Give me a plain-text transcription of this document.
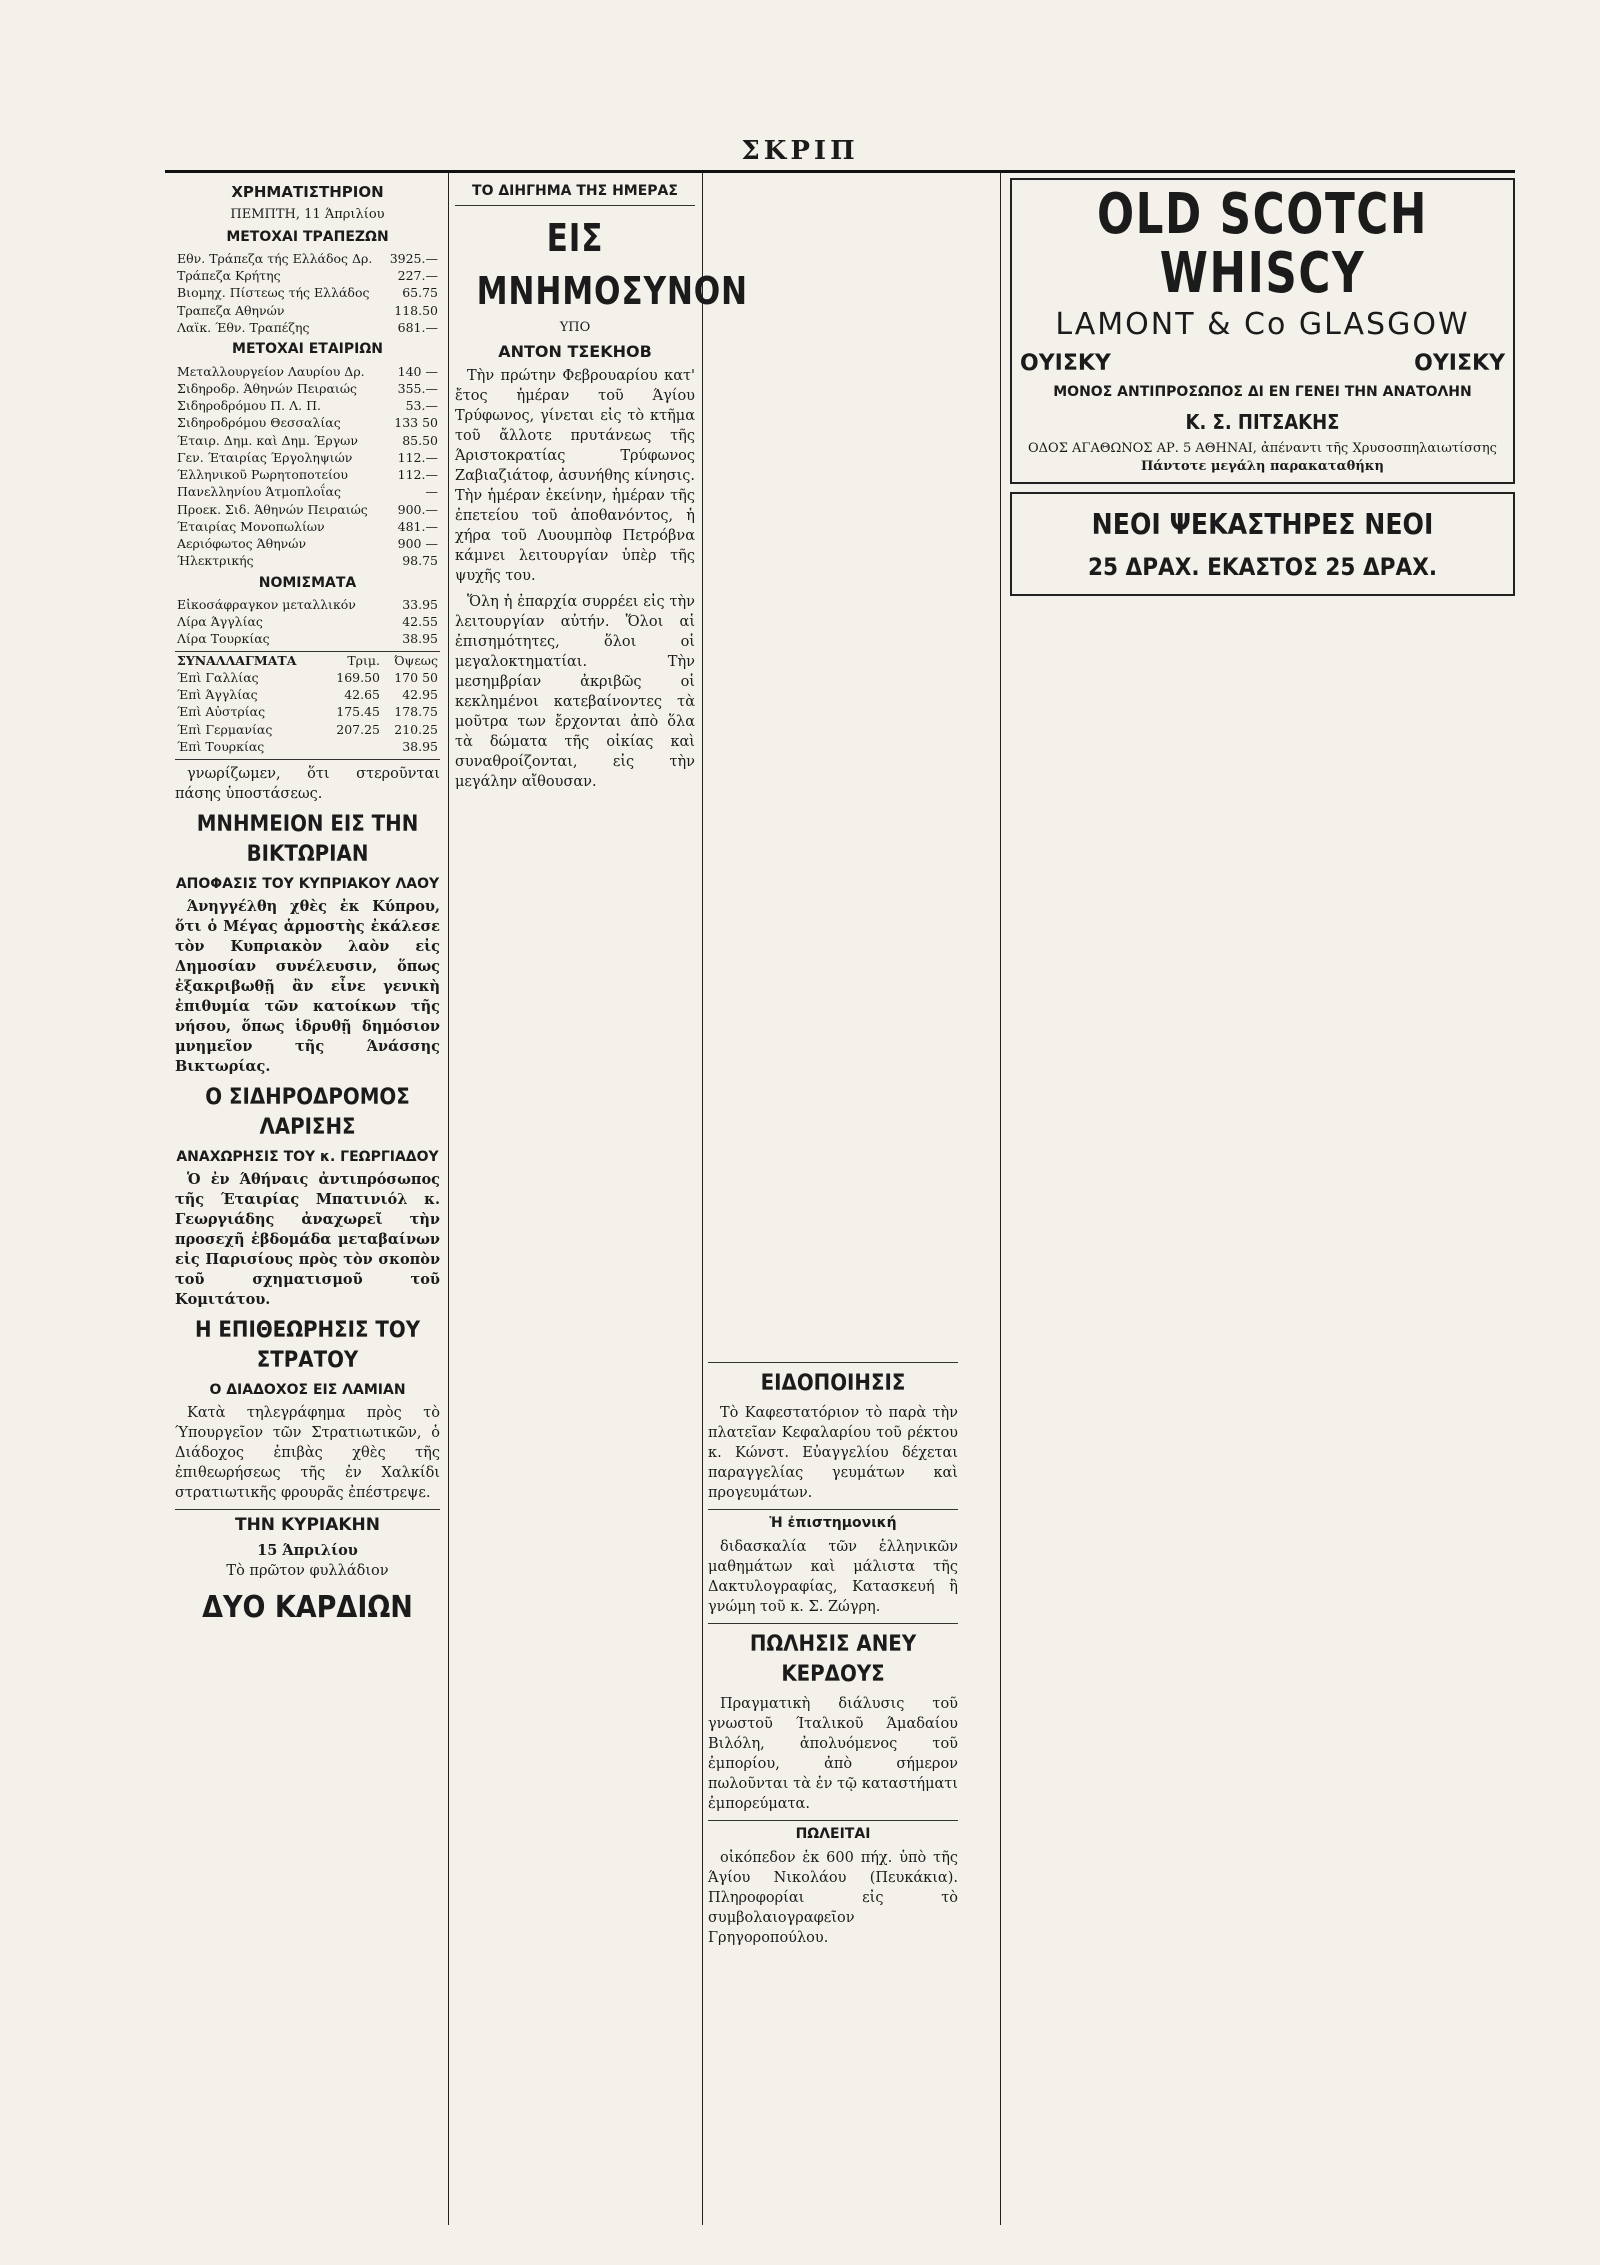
ΣΚΡΙΠ
ΧΡΗΜΑΤΙΣΤΗΡΙΟΝ
ΠΕΜΠΤΗ, 11 Άπριλίου
ΜΕΤΟΧΑΙ ΤΡΑΠΕΖΩΝ
Εθν. Τράπεζα τής Ελλάδος Δρ.	3925.—
Τράπεζα Κρήτης	227.—
Βιομηχ. Πίστεως τής Ελλάδος	65.75
Τραπεζα Αθηνών	118.50
Λαϊκ. Έθν. Τραπέζης	681.—
ΜΕΤΟΧΑΙ ΕΤΑΙΡΙΩΝ
Μεταλλουργείον Λαυρίου Δρ.	140 —
Σιδηροδρ. Άθηνών Πειραιώς	355.—
Σιδηροδρόμου Π. Λ. Π.	53.—
Σιδηροδρόμου Θεσσαλίας	133 50
Έταιρ. Δημ. καὶ Δημ. Έργων	85.50
Γεν. Έταιρίας Έργοληψιών	112.—
Έλληνικοῦ Ρωρητοποτείου	112.—
Πανελληνίου Άτμοπλοΐας	—
Προεκ. Σιδ. Άθηνών Πειραιώς	900.—
Έταιρίας Μονοπωλίων	481.—
Αεριόφωτος Άθηνών	900 —
Ήλεκτρικής	98.75
ΝΟΜΙΣΜΑΤΑ
Εἰκοσάφραγκον μεταλλικόν	33.95
Λίρα Άγγλίας	42.55
Λίρα Τουρκίας	38.95
ΣΥΝΑΛΛΑΓΜΑΤΑ	Τριμ.	Όψεως
Έπὶ Γαλλίας	169.50	170 50
Έπὶ Άγγλίας	42.65	42.95
Έπὶ Αὐστρίας	175.45	178.75
Έπὶ Γερμανίας	207.25	210.25
Έπὶ Τουρκίας		38.95

γνωρίζωμεν, ὅτι στεροῦνται πάσης ὑποστάσεως.

ΜΝΗΜΕΙΟΝ ΕΙΣ ΤΗΝ ΒΙΚΤΩΡΙΑΝ
ΑΠΟΦΑΣΙΣ ΤΟΥ ΚΥΠΡΙΑΚΟΥ ΛΑΟΥ

Άνηγγέλθη χθὲς ἐκ Κύπρου, ὅτι ὁ Μέγας ἁρμοστὴς ἐκάλεσε τὸν Κυπριακὸν λαὸν εἰς Δημοσίαν συνέλευσιν, ὅπως ἐξακριβωθῇ ἂν εἶνε γενικὴ ἐπιθυμία τῶν κατοίκων τῆς νήσου, ὅπως ἱδρυθῇ δημόσιον μνημεῖον τῆς Άνάσσης Βικτωρίας.

Ο ΣΙΔΗΡΟΔΡΟΜΟΣ ΛΑΡΙΣΗΣ
ΑΝΑΧΩΡΗΣΙΣ ΤΟΥ κ. ΓΕΩΡΓΙΑΔΟΥ

Ὁ ἐν Άθήναις ἀντιπρόσωπος τῆς Έταιρίας Μπατινιόλ κ. Γεωργιάδης ἀναχωρεῖ τὴν προσεχῆ ἑβδομάδα μεταβαίνων εἰς Παρισίους πρὸς τὸν σκοπὸν τοῦ σχηματισμοῦ τοῦ Κομιτάτου.

Η ΕΠΙΘΕΩΡΗΣΙΣ ΤΟΥ ΣΤΡΑΤΟΥ
Ο ΔΙΑΔΟΧΟΣ ΕΙΣ ΛΑΜΙΑΝ

Κατὰ τηλεγράφημα πρὸς τὸ Ύπουργεῖον τῶν Στρατιωτικῶν, ὁ Διάδοχος ἐπιβὰς χθὲς τῆς ἐπιθεωρήσεως τῆς ἐν Χαλκίδι στρατιωτικῆς φρουρᾶς ἐπέστρεψε.

ΤΗΝ ΚΥΡΙΑΚΗΝ
15 Άπριλίου
Τὸ πρῶτον φυλλάδιον
ΔΥΟ ΚΑΡΔΙΩΝ
ΤΟ ΔΙΗΓΗΜΑ ΤΗΣ ΗΜΕΡΑΣ
ΕΙΣ ΜΝΗΜΟΣΥΝΟΝ
ΥΠΟ
ΑΝΤΟΝ ΤΣΕΚΗΟΒ

Τὴν πρώτην Φεβρουαρίου κατ' ἔτος ἡμέραν τοῦ Άγίου Τρύφωνος, γίνεται εἰς τὸ κτῆμα τοῦ ἄλλοτε πρυτάνεως τῆς Άριστοκρατίας Τρύφωνος Ζαβιαζιάτοφ, ἀσυνήθης κίνησις. Τὴν ἡμέραν ἐκείνην, ἡμέραν τῆς ἐπετείου τοῦ ἀποθανόντος, ἡ χήρα τοῦ Λυουμπὸφ Πετρόβνα κάμνει λειτουργίαν ὑπὲρ τῆς ψυχῆς του.

Ὅλη ἡ ἐπαρχία συρρέει εἰς τὴν λειτουργίαν αὐτήν. Ὅλοι αἱ ἐπισημότητες, ὅλοι οἱ μεγαλοκτηματίαι. Τὴν μεσημβρίαν ἀκριβῶς οἱ κεκλημένοι κατεβαίνοντες τὰ μοῦτρα των ἔρχονται ἀπὸ ὅλα τὰ δώματα τῆς οἰκίας καὶ συναθροίζονται, εἰς τὴν μεγάλην αἴθουσαν.

ΕΙΔΟΠΟΙΗΣΙΣ

Τὸ Καφεστατόριον τὸ παρὰ τὴν πλατεῖαν Κεφαλαρίου τοῦ ρέκτου κ. Κώνστ. Εὐαγγελίου δέχεται παραγγελίας γευμάτων καὶ προγευμάτων.

Ἡ ἐπιστημονική

διδασκαλία τῶν ἑλληνικῶν μαθημάτων καὶ μάλιστα τῆς Δακτυλογραφίας, Κατασκευή ἢ γνώμη τοῦ κ. Σ. Ζώγρη.

ΠΩΛΗΣΙΣ ΑΝΕΥ ΚΕΡΔΟΥΣ

Πραγματικὴ διάλυσις τοῦ γνωστοῦ Ίταλικοῦ Άμαδαίου Βιλόλη, ἀπολυόμενος τοῦ ἐμπορίου, ἀπὸ σήμερον πωλοῦνται τὰ ἐν τῷ καταστήματι ἐμπορεύματα.

ΠΩΛΕΙΤΑΙ

οἰκόπεδον ἐκ 600 πήχ. ὑπὸ τῆς Άγίου Νικολάου (Πευκάκια). Πληροφορίαι εἰς τὸ συμβολαιογραφεῖον Γρηγοροπούλου.

OLD SCOTCH WHISCY
LAMONT & Co GLASGOW
ΟΥΙΣΚΥ	ΟΥΙΣΚΥ
ΜΟΝΟΣ ΑΝΤΙΠΡΟΣΩΠΟΣ ΔΙ ΕΝ ΓΕΝΕΙ ΤΗΝ ΑΝΑΤΟΛΗΝ
Κ. Σ. ΠΙΤΣΑΚΗΣ
ΟΔΟΣ ΑΓΑΘΩΝΟΣ ΑΡ. 5 ΑΘΗΝΑΙ, ἀπέναντι τῆς Χρυσοσπηλαιωτίσσης
Πάντοτε μεγάλη παρακαταθήκη
ΝΕΟΙ ΨΕΚΑΣΤΗΡΕΣ ΝΕΟΙ
25 ΔΡΑΧ. ΕΚΑΣΤΟΣ 25 ΔΡΑΧ.
